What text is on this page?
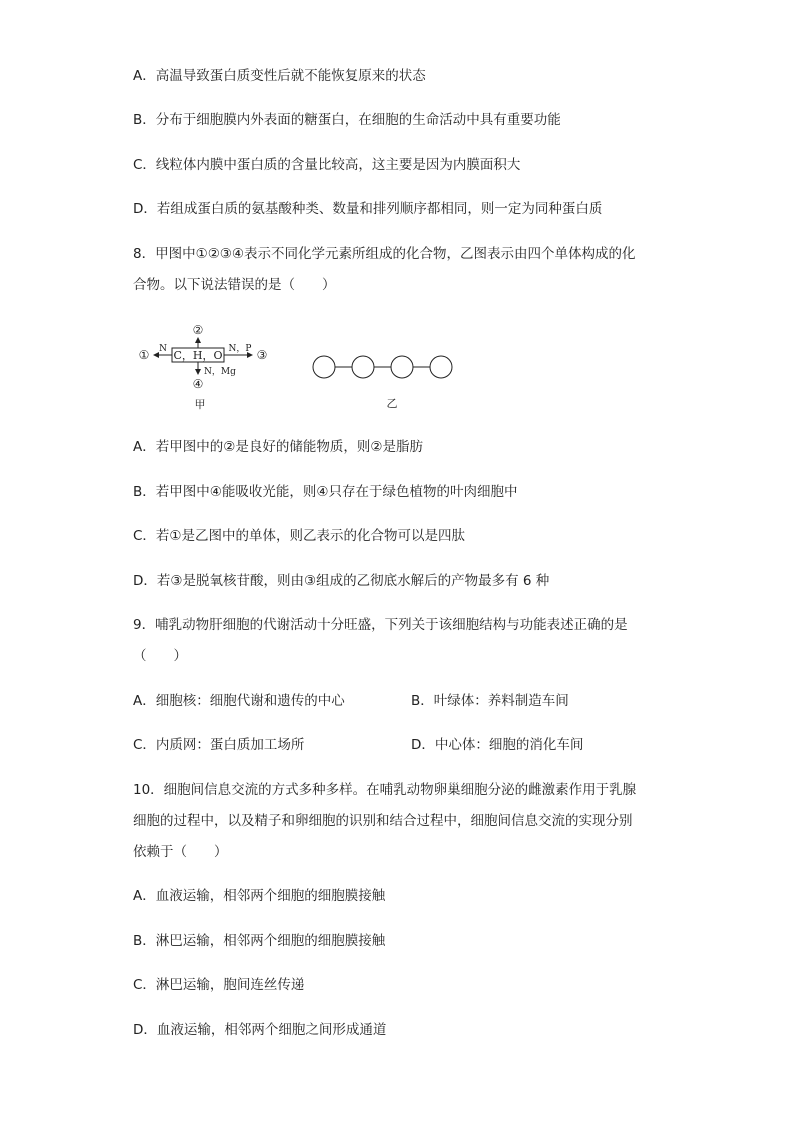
A．高温导致蛋白质变性后就不能恢复原来的状态
B．分布于细胞膜内外表面的糖蛋白，在细胞的生命活动中具有重要功能
C．线粒体内膜中蛋白质的含量比较高，这主要是因为内膜面积大
D．若组成蛋白质的氨基酸种类、数量和排列顺序都相同，则一定为同种蛋白质
8．甲图中①②③④表示不同化学元素所组成的化合物，乙图表示由四个单体构成的化
合物。以下说法错误的是（　　）
C，H，O
②
N
①	N，P ③
N，Mg
④
甲	乙
A．若甲图中的②是良好的储能物质，则②是脂肪
B．若甲图中④能吸收光能，则④只存在于绿色植物的叶肉细胞中
C．若①是乙图中的单体，则乙表示的化合物可以是四肽
D．若③是脱氧核苷酸，则由③组成的乙彻底水解后的产物最多有 6 种
9．哺乳动物肝细胞的代谢活动十分旺盛，下列关于该细胞结构与功能表述正确的是
（　　）
A．细胞核：细胞代谢和遗传的中心	B．叶绿体：养料制造车间
C．内质网：蛋白质加工场所	D．中心体：细胞的消化车间
10．细胞间信息交流的方式多种多样。在哺乳动物卵巢细胞分泌的雌激素作用于乳腺
细胞的过程中，以及精子和卵细胞的识别和结合过程中，细胞间信息交流的实现分别
依赖于（　　）
A．血液运输，相邻两个细胞的细胞膜接触
B．淋巴运输，相邻两个细胞的细胞膜接触
C．淋巴运输，胞间连丝传递
D．血液运输，相邻两个细胞之间形成通道
